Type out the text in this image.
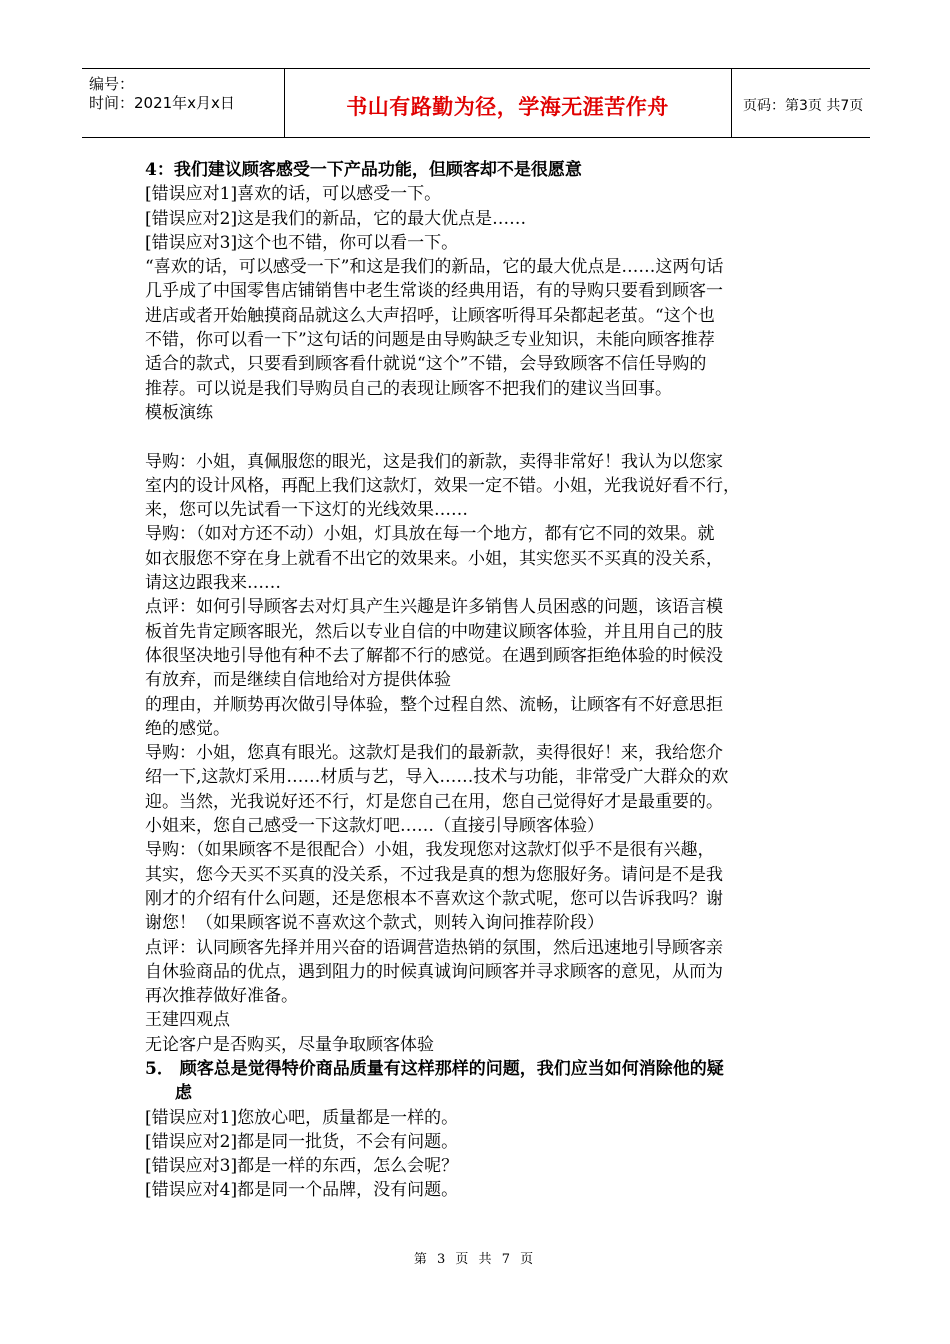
编号：
时间：2021年x月x日	书山有路勤为径，学海无涯苦作舟	页码：第3页 共7页
4：我们建议顾客感受一下产品功能，但顾客却不是很愿意
[错误应对1]喜欢的话，可以感受一下。
[错误应对2]这是我们的新品，它的最大优点是……
[错误应对3]这个也不错，你可以看一下。
“喜欢的话，可以感受一下”和这是我们的新品，它的最大优点是……这两句话
几乎成了中国零售店铺销售中老生常谈的经典用语，有的导购只要看到顾客一
进店或者开始触摸商品就这么大声招呼，让顾客听得耳朵都起老茧。“这个也
不错，你可以看一下”这句话的问题是由导购缺乏专业知识，未能向顾客推荐
适合的款式，只要看到顾客看什就说“这个”不错，会导致顾客不信任导购的
推荐。可以说是我们导购员自己的表现让顾客不把我们的建议当回事。
模板演练
导购：小姐，真佩服您的眼光，这是我们的新款，卖得非常好！我认为以您家
室内的设计风格，再配上我们这款灯，效果一定不错。小姐，光我说好看不行，
来，您可以先试看一下这灯的光线效果……
导购：（如对方还不动）小姐，灯具放在每一个地方，都有它不同的效果。就
如衣服您不穿在身上就看不出它的效果来。小姐，其实您买不买真的没关系，
请这边跟我来……
点评：如何引导顾客去对灯具产生兴趣是许多销售人员困惑的问题，该语言模
板首先肯定顾客眼光，然后以专业自信的中吻建议顾客体验，并且用自己的肢
体很坚决地引导他有种不去了解都不行的感觉。在遇到顾客拒绝体验的时候没
有放弃，而是继续自信地给对方提供体验
的理由，并顺势再次做引导体验，整个过程自然、流畅，让顾客有不好意思拒
绝的感觉。
导购：小姐，您真有眼光。这款灯是我们的最新款，卖得很好！来，我给您介
绍一下,这款灯采用……材质与艺，导入……技术与功能，非常受广大群众的欢
迎。当然，光我说好还不行，灯是您自己在用，您自己觉得好才是最重要的。
小姐来，您自己感受一下这款灯吧……（直接引导顾客体验）
导购：（如果顾客不是很配合）小姐，我发现您对这款灯似乎不是很有兴趣，
其实，您今天买不买真的没关系，不过我是真的想为您服好务。请问是不是我
刚才的介绍有什么问题，还是您根本不喜欢这个款式呢，您可以告诉我吗？谢
谢您！（如果顾客说不喜欢这个款式，则转入询问推荐阶段）
点评：认同顾客先择并用兴奋的语调营造热销的氛围，然后迅速地引导顾客亲
自休验商品的优点，遇到阻力的时候真诚询问顾客并寻求顾客的意见，从而为
再次推荐做好准备。
王建四观点
无论客户是否购买，尽量争取顾客体验
5． 顾客总是觉得特价商品质量有这样那样的问题，我们应当如何消除他的疑
虑
[错误应对1]您放心吧，质量都是一样的。
[错误应对2]都是同一批货，不会有问题。
[错误应对3]都是一样的东西，怎么会呢？
[错误应对4]都是同一个品牌，没有问题。
第 3 页 共 7 页
